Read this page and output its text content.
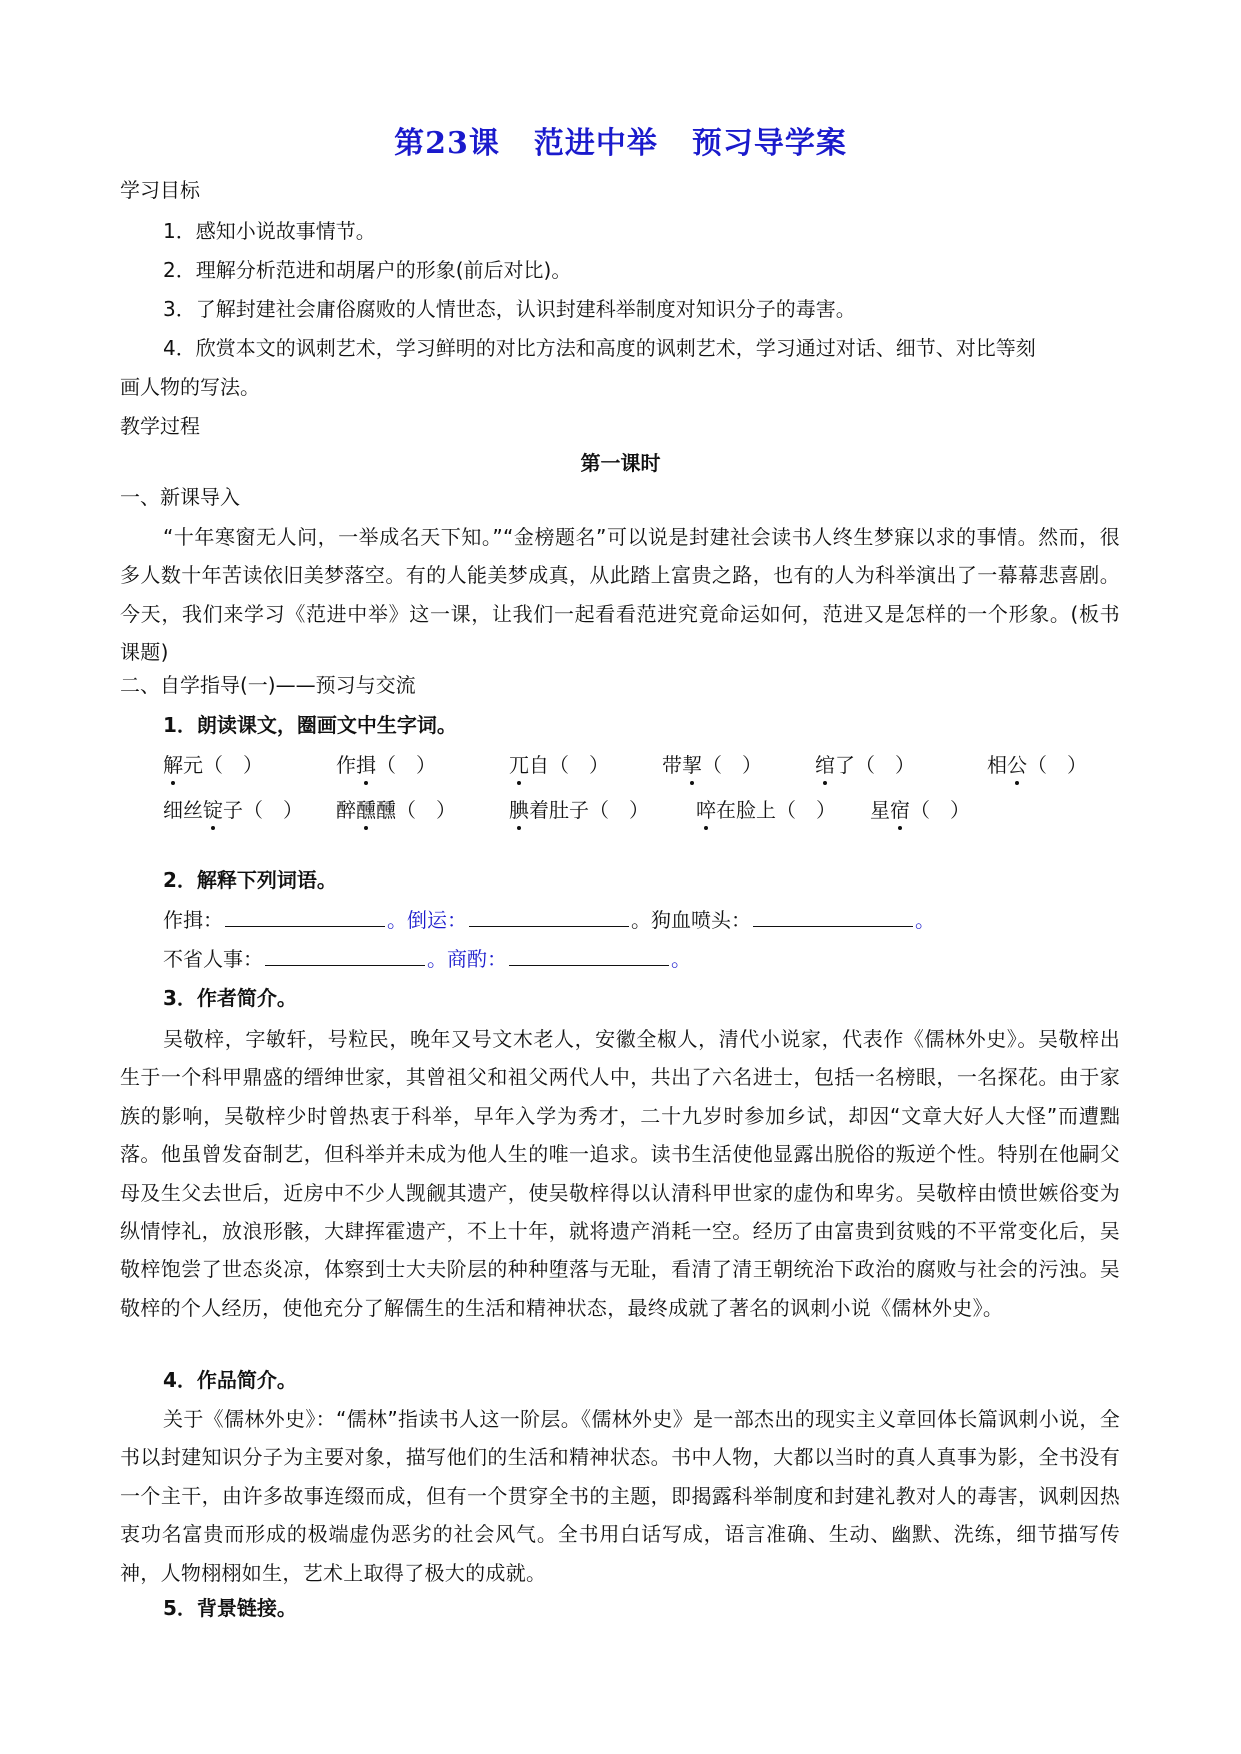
第23课 范进中举 预习导学案
学习目标
1．感知小说故事情节。
2．理解分析范进和胡屠户的形象(前后对比)。
3．了解封建社会庸俗腐败的人情世态，认识封建科举制度对知识分子的毒害。
4．欣赏本文的讽刺艺术，学习鲜明的对比方法和高度的讽刺艺术，学习通过对话、细节、对比等刻
画人物的写法。
教学过程
第一课时
一、新课导入
“十年寒窗无人问，一举成名天下知。”“金榜题名”可以说是封建社会读书人终生梦寐以求的事情。然而，很多人数十年苦读依旧美梦落空。有的人能美梦成真，从此踏上富贵之路，也有的人为科举演出了一幕幕悲喜剧。今天，我们来学习《范进中举》这一课，让我们一起看看范进究竟命运如何，范进又是怎样的一个形象。(板书课题)
二、自学指导(一)——预习与交流
1．朗读课文，圈画文中生字词。
解元（　）	作揖（　）	兀自（　）	带挈（　）	绾了（　）	相公（　）
细丝锭子（　） 醉醺醺（　）	腆着肚子（　） 啐在脸上（　） 星宿（　）
2．解释下列词语。
作揖：	。倒运：	。狗血喷头：	。
不省人事：	。商酌：	。
3．作者简介。
吴敬梓，字敏轩，号粒民，晚年又号文木老人，安徽全椒人，清代小说家，代表作《儒林外史》。吴敬梓出生于一个科甲鼎盛的缙绅世家，其曾祖父和祖父两代人中，共出了六名进士，包括一名榜眼，一名探花。由于家族的影响，吴敬梓少时曾热衷于科举，早年入学为秀才，二十九岁时参加乡试，却因“文章大好人大怪”而遭黜落。他虽曾发奋制艺，但科举并未成为他人生的唯一追求。读书生活使他显露出脱俗的叛逆个性。特别在他嗣父母及生父去世后，近房中不少人觊觎其遗产，使吴敬梓得以认清科甲世家的虚伪和卑劣。吴敬梓由愤世嫉俗变为纵情悖礼，放浪形骸，大肆挥霍遗产，不上十年，就将遗产消耗一空。经历了由富贵到贫贱的不平常变化后，吴敬梓饱尝了世态炎凉，体察到士大夫阶层的种种堕落与无耻，看清了清王朝统治下政治的腐败与社会的污浊。吴敬梓的个人经历，使他充分了解儒生的生活和精神状态，最终成就了著名的讽刺小说《儒林外史》。
4．作品简介。
关于《儒林外史》：“儒林”指读书人这一阶层。《儒林外史》是一部杰出的现实主义章回体长篇讽刺小说，全书以封建知识分子为主要对象，描写他们的生活和精神状态。书中人物，大都以当时的真人真事为影，全书没有一个主干，由许多故事连缀而成，但有一个贯穿全书的主题，即揭露科举制度和封建礼教对人的毒害，讽刺因热衷功名富贵而形成的极端虚伪恶劣的社会风气。全书用白话写成，语言准确、生动、幽默、洗练，细节描写传神，人物栩栩如生，艺术上取得了极大的成就。
5．背景链接。
